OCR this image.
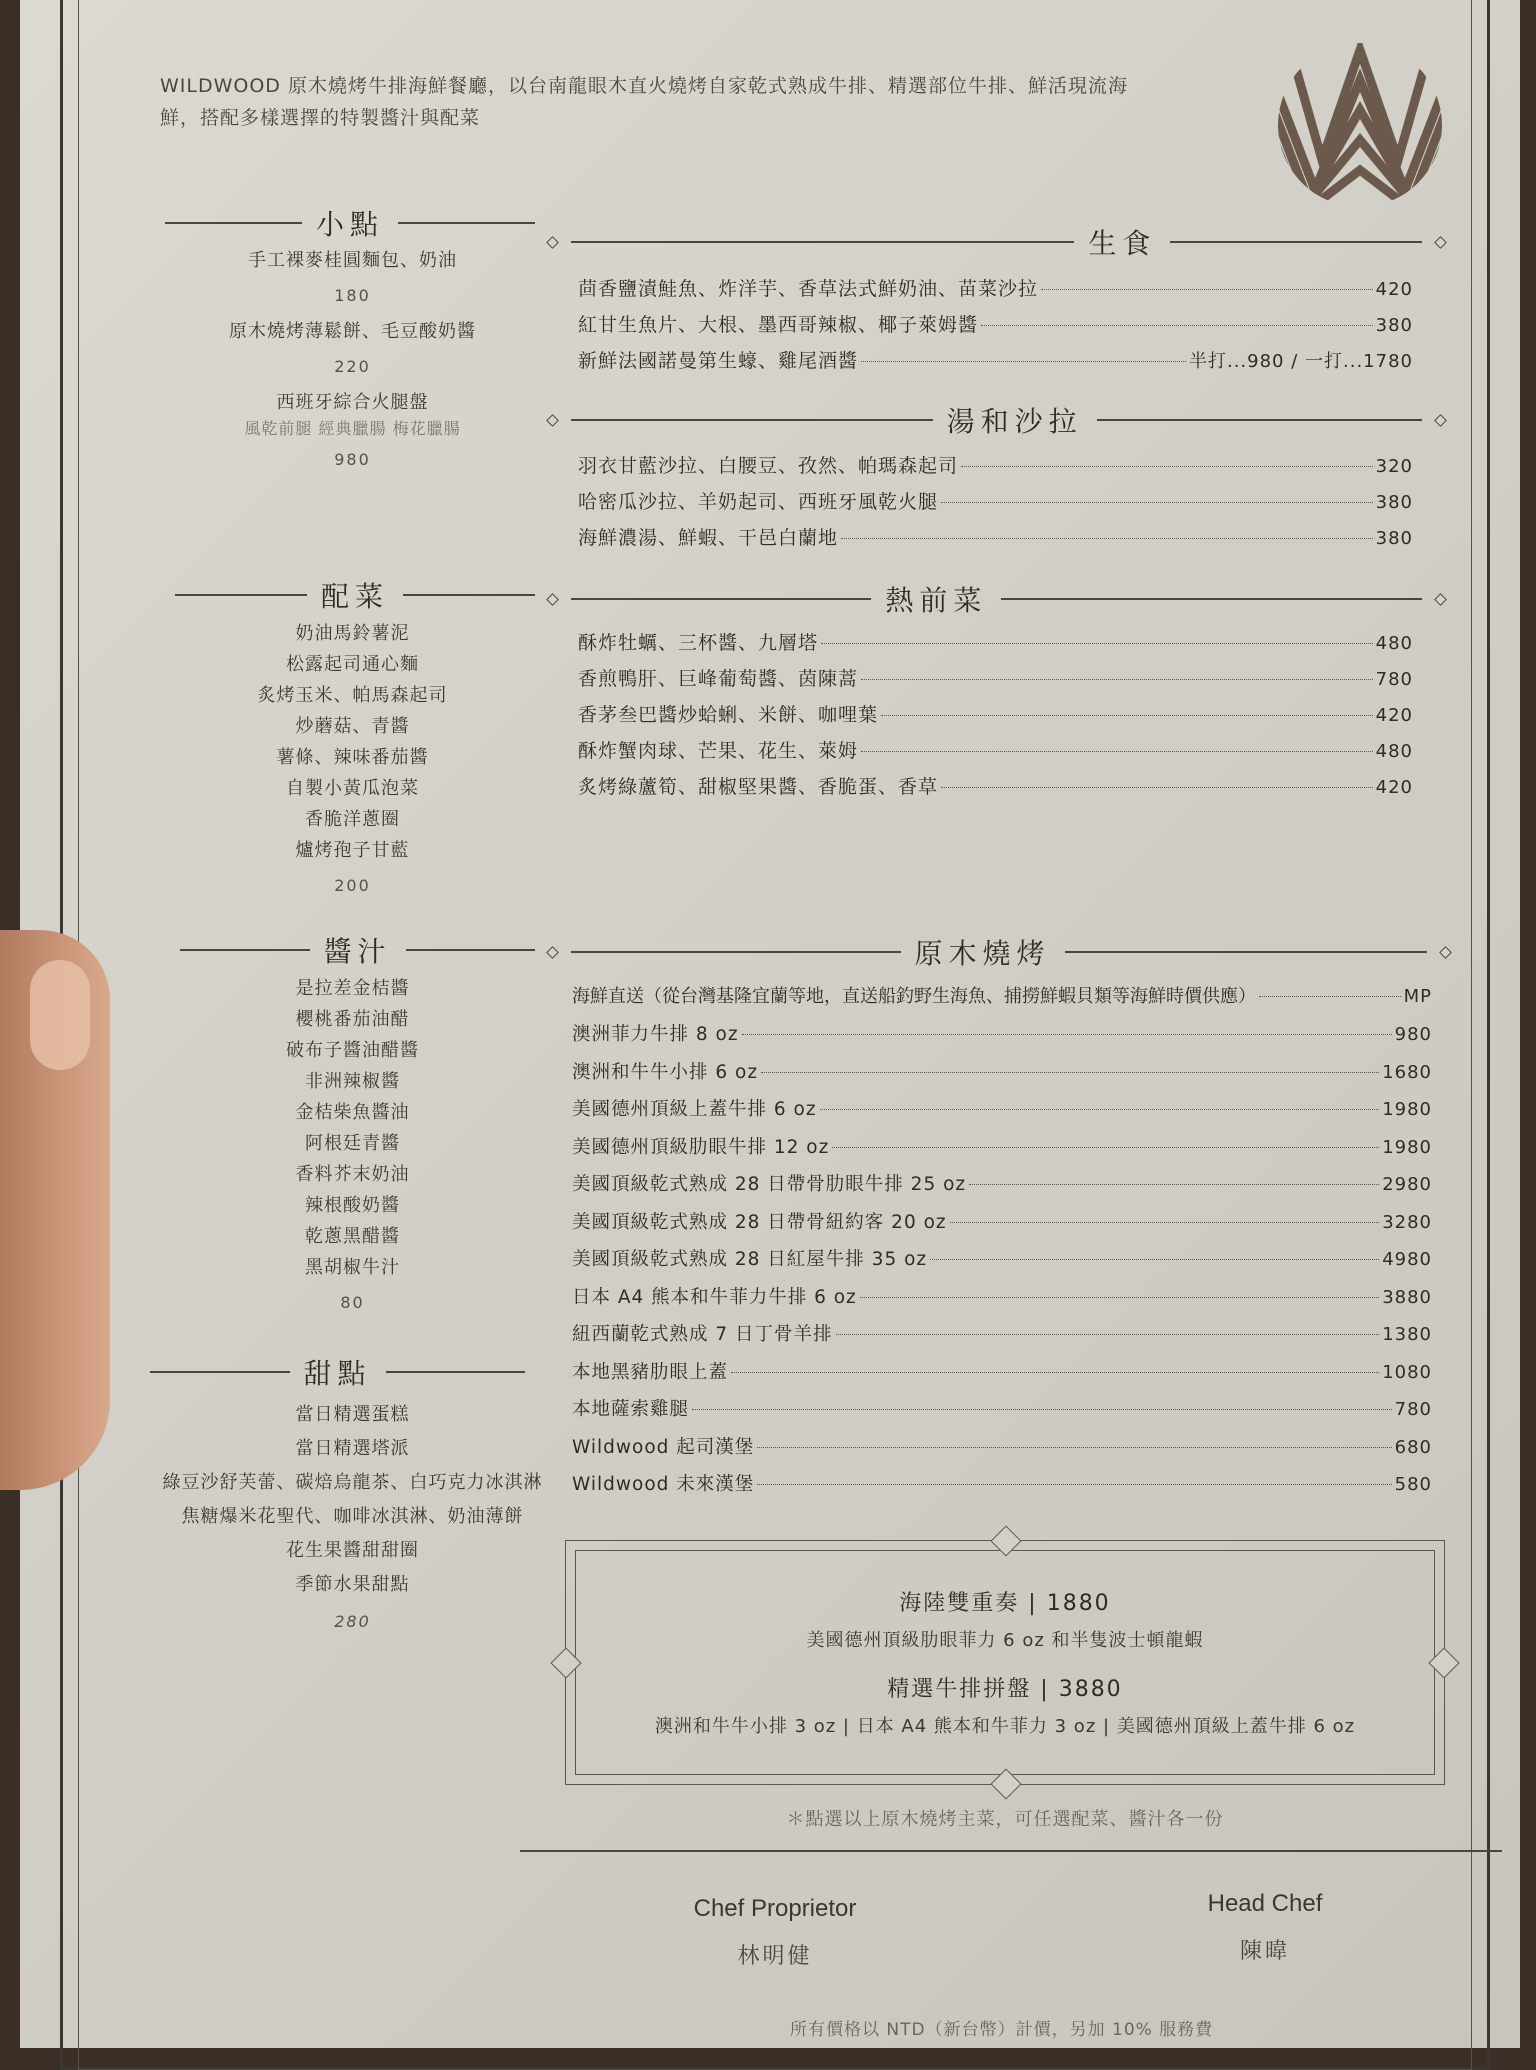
WILDWOOD 原木燒烤牛排海鮮餐廳，以台南龍眼木直火燒烤自家乾式熟成牛排、精選部位牛排、鮮活現流海鮮，搭配多樣選擇的特製醬汁與配菜
小點
手工裸麥桂圓麵包、奶油
180
原木燒烤薄鬆餅、毛豆酸奶醬
220
西班牙綜合火腿盤
風乾前腿 經典臘腸 梅花臘腸
980
配菜
奶油馬鈴薯泥
松露起司通心麵
炙烤玉米、帕馬森起司
炒蘑菇、青醬
薯條、辣味番茄醬
自製小黃瓜泡菜
香脆洋蔥圈
爐烤孢子甘藍
200
醬汁
是拉差金桔醬
櫻桃番茄油醋
破布子醬油醋醬
非洲辣椒醬
金桔柴魚醬油
阿根廷青醬
香料芥末奶油
辣根酸奶醬
乾蔥黑醋醬
黑胡椒牛汁
80
甜點
當日精選蛋糕
當日精選塔派
綠豆沙舒芙蕾、碳焙烏龍茶、白巧克力冰淇淋
焦糖爆米花聖代、咖啡冰淇淋、奶油薄餅
花生果醬甜甜圈
季節水果甜點
280
生食
茴香鹽漬鮭魚、炸洋芋、香草法式鮮奶油、苗菜沙拉	420
紅甘生魚片、大根、墨西哥辣椒、椰子萊姆醬	380
新鮮法國諾曼第生蠔、雞尾酒醬	半打...980 / 一打...1780
湯和沙拉
羽衣甘藍沙拉、白腰豆、孜然、帕瑪森起司	320
哈密瓜沙拉、羊奶起司、西班牙風乾火腿	380
海鮮濃湯、鮮蝦、干邑白蘭地	380
熱前菜
酥炸牡蠣、三杯醬、九層塔	480
香煎鴨肝、巨峰葡萄醬、茵陳蒿	780
香茅叁巴醬炒蛤蜊、米餅、咖哩葉	420
酥炸蟹肉球、芒果、花生、萊姆	480
炙烤綠蘆筍、甜椒堅果醬、香脆蛋、香草	420
原木燒烤
海鮮直送（從台灣基隆宜蘭等地，直送船釣野生海魚、捕撈鮮蝦貝類等海鮮時價供應）	MP
澳洲菲力牛排 8 oz	980
澳洲和牛牛小排 6 oz	1680
美國德州頂級上蓋牛排 6 oz	1980
美國德州頂級肋眼牛排 12 oz	1980
美國頂級乾式熟成 28 日帶骨肋眼牛排 25 oz	2980
美國頂級乾式熟成 28 日帶骨紐約客 20 oz	3280
美國頂級乾式熟成 28 日紅屋牛排 35 oz	4980
日本 A4 熊本和牛菲力牛排 6 oz	3880
紐西蘭乾式熟成 7 日丁骨羊排	1380
本地黑豬肋眼上蓋	1080
本地薩索雞腿	780
Wildwood 起司漢堡	680
Wildwood 未來漢堡	580
海陸雙重奏 | 1880
美國德州頂級肋眼菲力 6 oz 和半隻波士頓龍蝦
精選牛排拼盤 | 3880
澳洲和牛牛小排 3 oz | 日本 A4 熊本和牛菲力 3 oz | 美國德州頂級上蓋牛排 6 oz
＊點選以上原木燒烤主菜，可任選配菜、醬汁各一份
Chef Proprietor
林明健
Head Chef
陳暐
所有價格以 NTD（新台幣）計價，另加 10% 服務費
